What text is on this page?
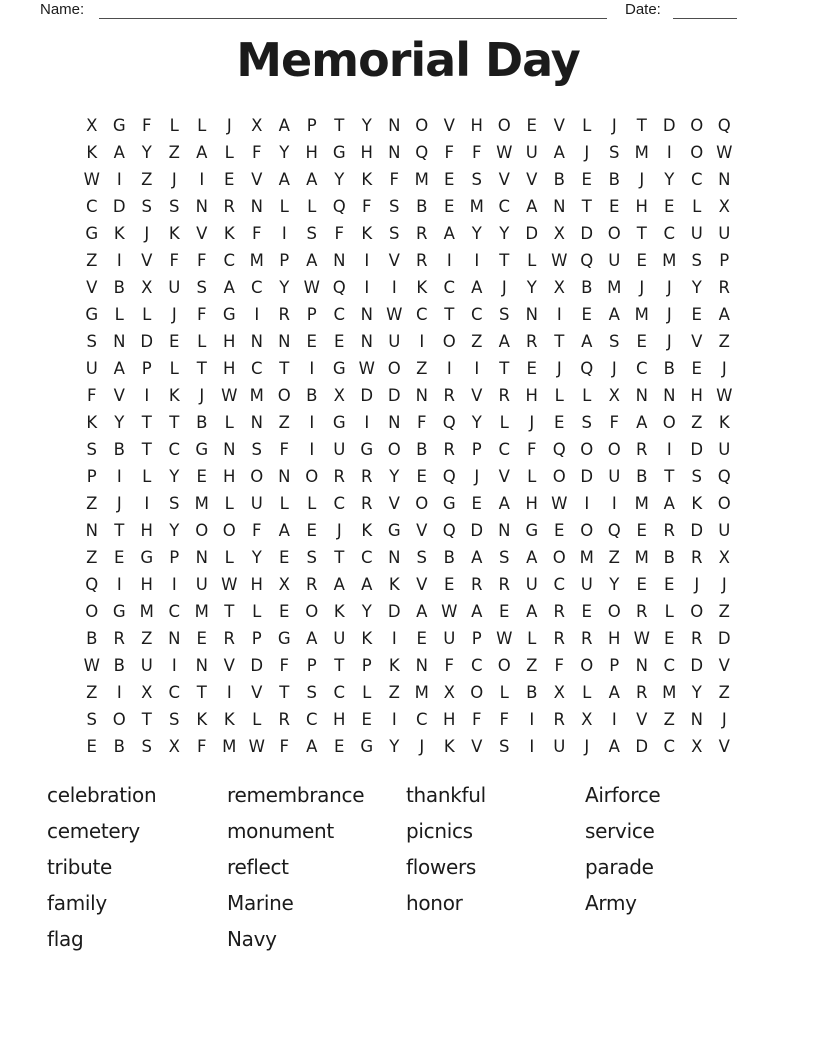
Name:	Date:
Memorial Day
X G F	L	L	J	X A	P	T	Y N O V H O E	V	L	J	T D O Q
K A	Y	Z A	L	F	Y H G H N Q F	F W U A	J	S M	I	O W
W	I	Z	J	I	E	V A A	Y	K	F M E	S	V V B	E	B	J	Y	C N
C D S	S N R N	L	L Q F	S	B	E M C A N T	E H E	L	X
G K	J	K V K	F	I	S	F	K	S	R A	Y	Y D X D O T	C U U
Z	I	V	F	F	C M P	A N	I	V R	I	I	T	L W Q U E M S	P
V B X U S	A C	Y W Q	I	I	K C A	J	Y	X B M	J	J	Y	R
G	L	L	J	F G	I	R	P	C N W C	T	C S N	I	E	A M	J	E	A
S N D E	L	H N N E	E N U	I	O Z A R	T	A	S	E	J	V Z
U A	P	L	T H C	T	I	G W O Z	I	I	T	E	J	Q	J	C B	E	J
F	V	I	K	J	W M O B X D D N R V R H	L	L	X N N H W
K	Y	T	T	B	L	N Z	I	G	I	N	F Q Y	L	J	E	S	F	A O Z K
S	B	T	C G N S	F	I	U G O B R	P	C	F Q O O R	I	D U
P	I	L	Y	E H O N O R R	Y	E Q	J	V	L O D U B	T	S Q
Z	J	I	S M L	U	L	L	C R V O G E	A H W	I	I	M A K O
N T H Y O O F	A	E	J	K G V Q D N G E O Q E	R D U
Z	E G P N	L	Y	E	S	T	C N S	B A	S	A O M Z M B R X
Q	I	H	I	U W H X R A A K V	E	R R U C U Y	E	E	J	J
O G M C M T	L	E O K	Y D A W A	E	A R	E O R	L O Z
B R Z N E	R	P G A U K	I	E U P W L	R R H W E	R D
W B U	I	N V D F	P	T	P	K N	F	C O Z	F O P N C D V
Z	I	X C	T	I	V	T	S	C	L	Z M X O L	B X	L	A R M Y	Z
S O T	S	K	K	L	R C H E	I	C H	F	F	I	R X	I	V Z N	J
E	B	S	X	F M W F	A	E G Y	J	K V	S	I	U	J	A D C X V
celebration
cemetery
tribute
family
flag
remembrance
monument
reflect
Marine
Navy
thankful
picnics
flowers
honor
Airforce
service
parade
Army
